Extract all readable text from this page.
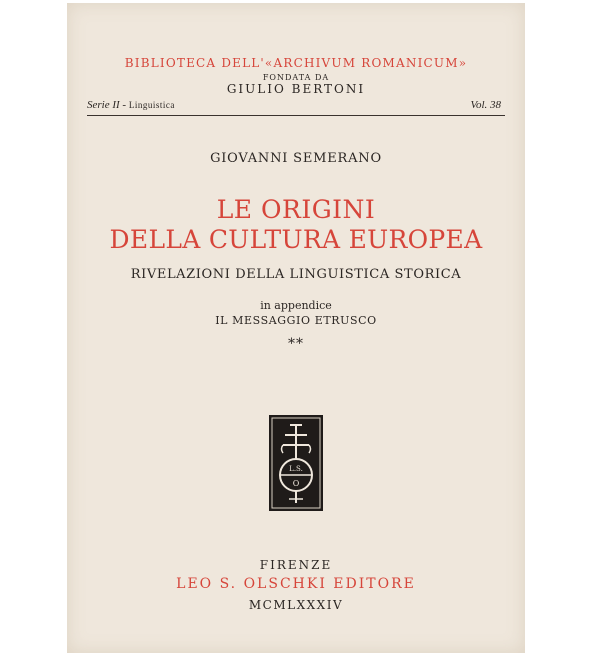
BIBLIOTECA DELL'«ARCHIVUM ROMANICUM»
FONDATA DA
GIULIO BERTONI
Serie II - Linguistica	Vol. 38
GIOVANNI SEMERANO
LE ORIGINI
DELLA CULTURA EUROPEA
RIVELAZIONI DELLA LINGUISTICA STORICA
in appendice
IL MESSAGGIO ETRUSCO
**
L.S.
O
FIRENZE
LEO S. OLSCHKI EDITORE
MCMLXXXIV
